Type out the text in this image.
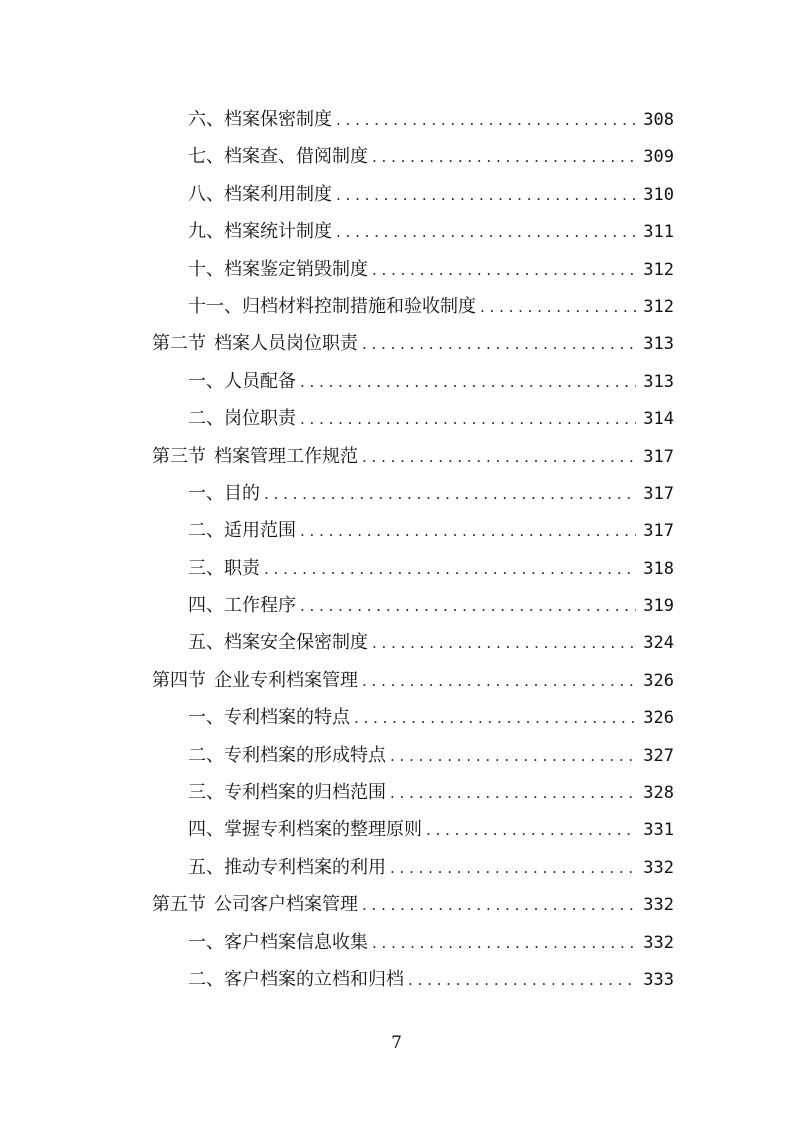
六、档案保密制度 . . .	308
七、档案查、借阅制度 . . .	309
八、档案利用制度 . . .	310
九、档案统计制度 . . .	311
十、档案鉴定销毁制度 . . .	312
十一、归档材料控制措施和验收制度 . . .	312
第二节 档案人员岗位职责 . . .	313
一、人员配备 . . .	313
二、岗位职责 . . .	314
第三节 档案管理工作规范 . . .	317
一、目的 . . .	317
二、适用范围 . . .	317
三、职责 . . .	318
四、工作程序 . . .	319
五、档案安全保密制度 . . .	324
第四节 企业专利档案管理 . . .	326
一、专利档案的特点 . . .	326
二、专利档案的形成特点 . . .	327
三、专利档案的归档范围 . . .	328
四、掌握专利档案的整理原则 . . .	331
五、推动专利档案的利用 . . .	332
第五节 公司客户档案管理 . . .	332
一、客户档案信息收集 . . .	332
二、客户档案的立档和归档 . . .	333
7
